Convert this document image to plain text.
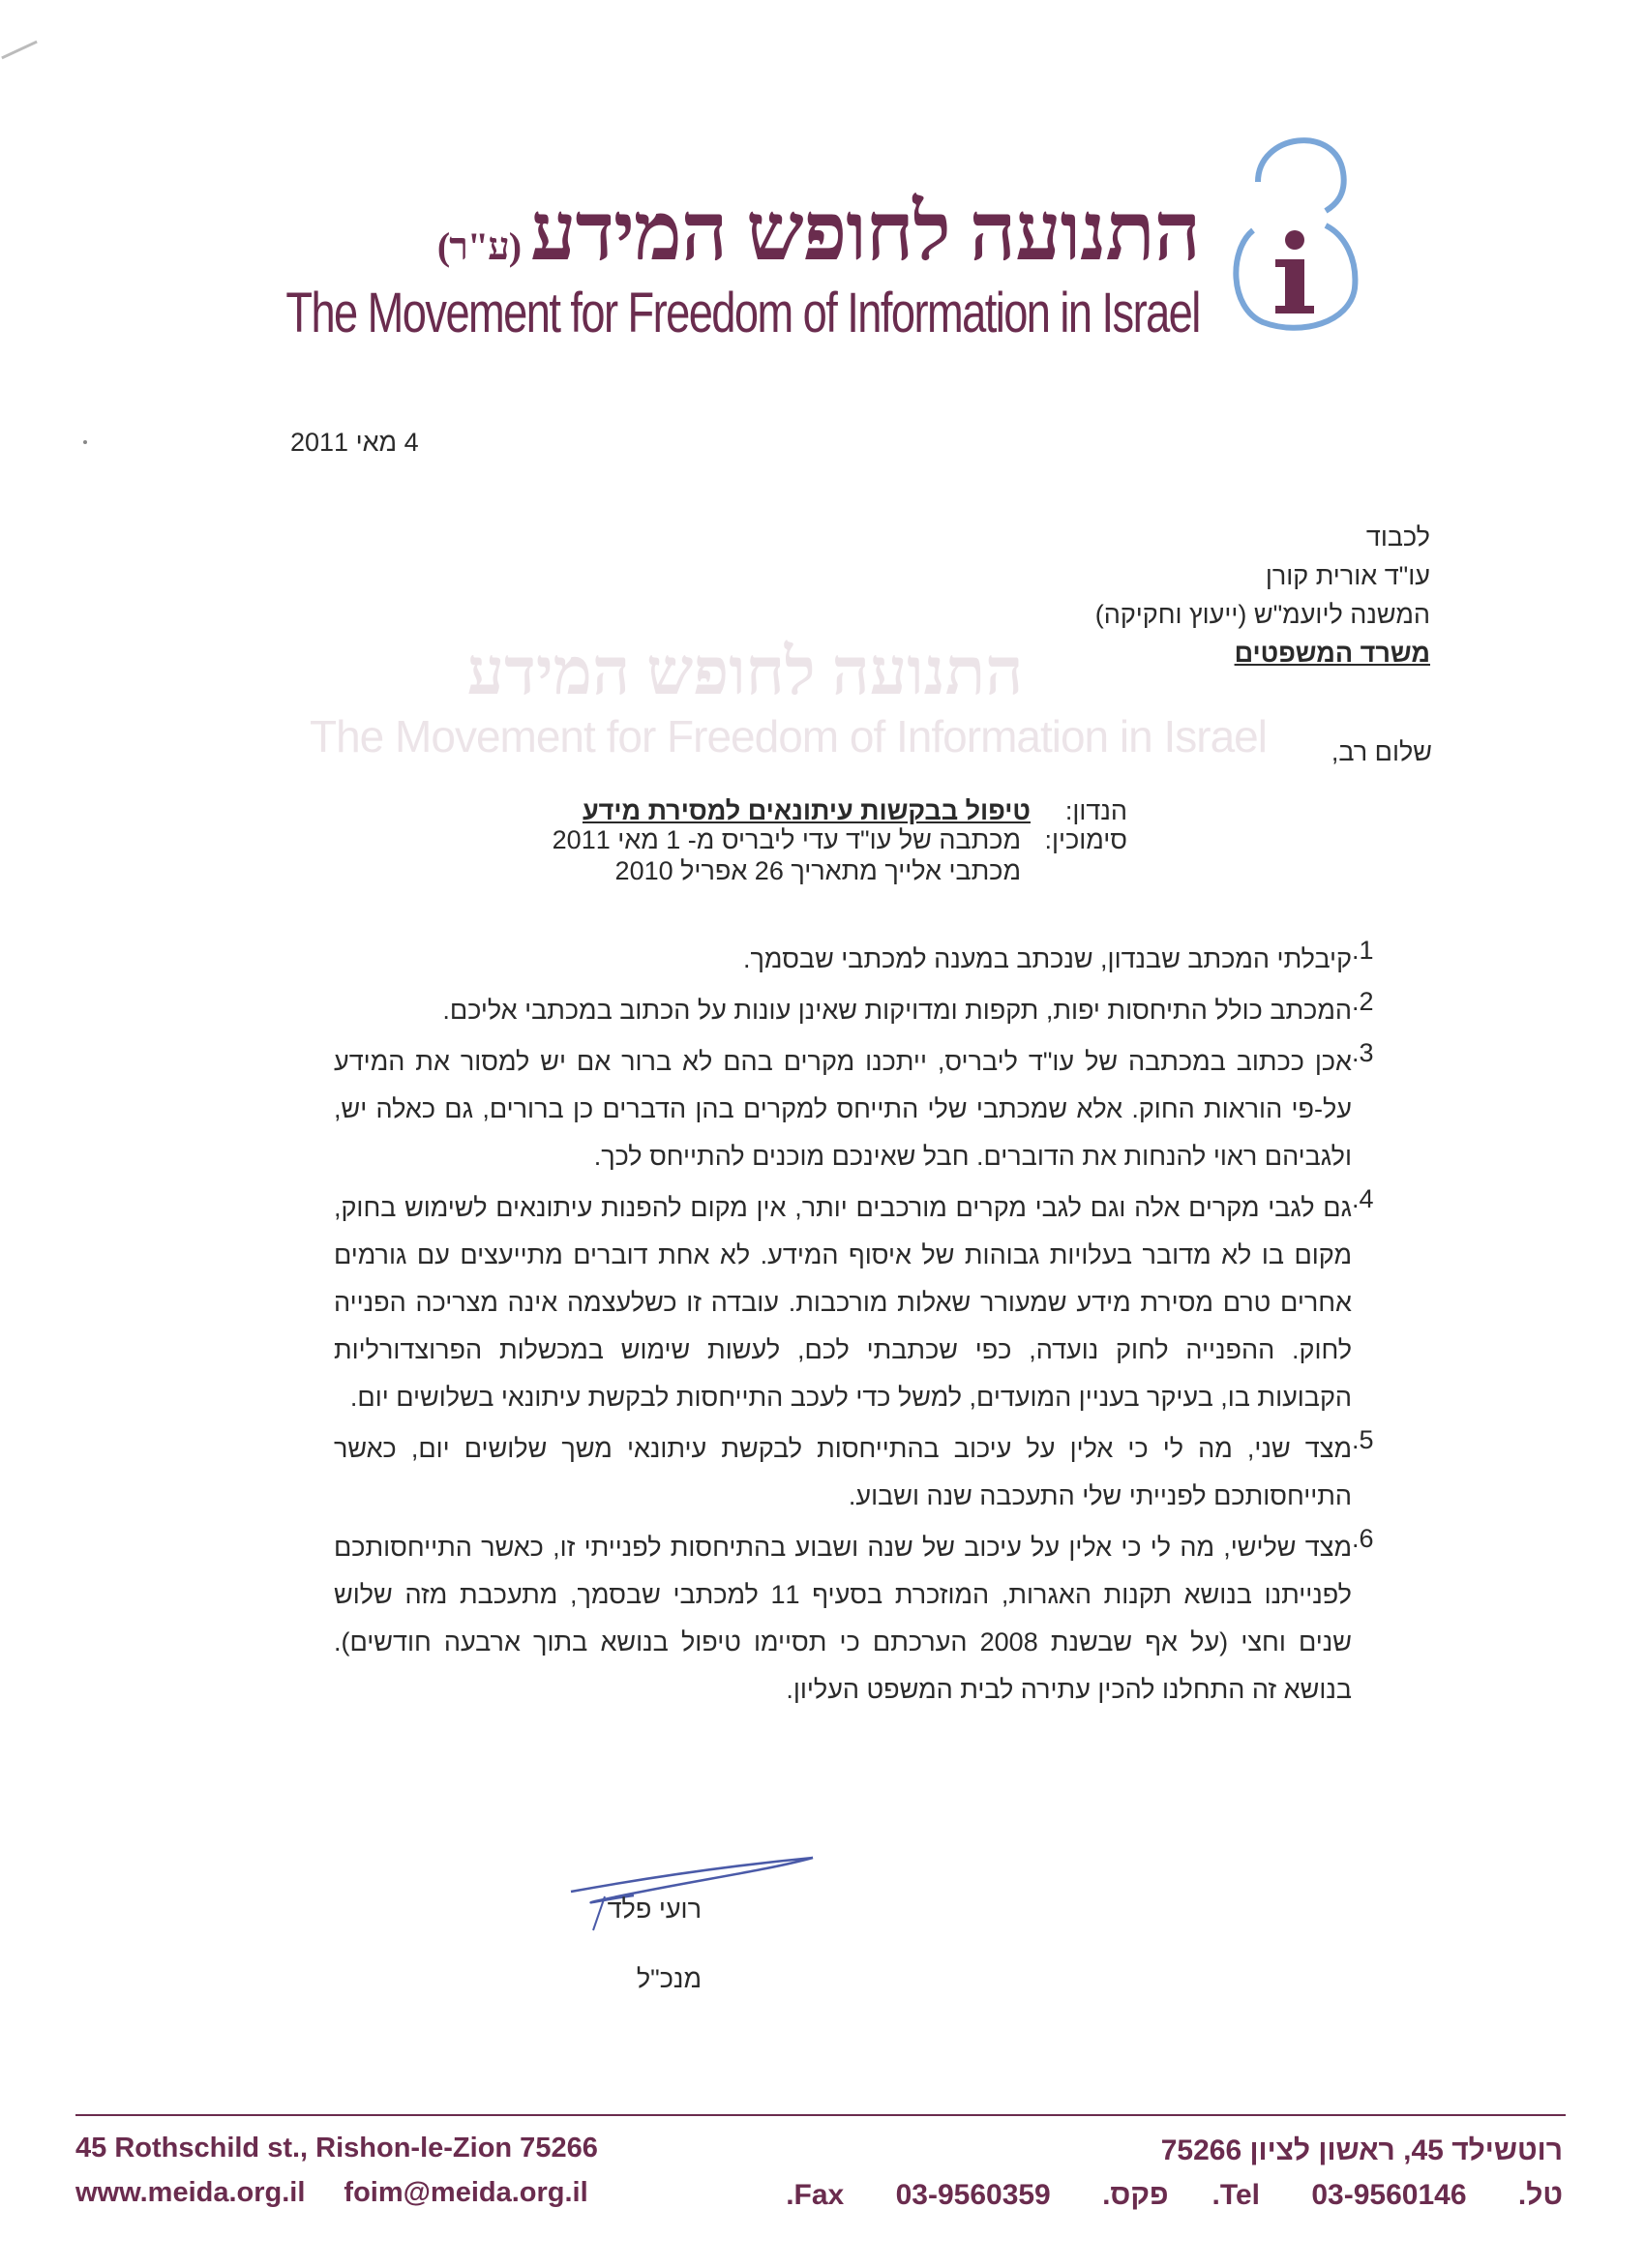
התנועה לחופש המידע(ע"ר)
The Movement for Freedom of Information in Israel
התנועה לחופש המידע
The Movement for Freedom of Information in Israel
4 מאי 2011
לכבוד
עו"ד אורית קורן
המשנה ליועמ"ש (ייעוץ וחקיקה)
משרד המשפטים
שלום רב,
הנדון:טיפול בבקשות עיתונאים למסירת מידע
סימוכין:
מכתבה של עו"ד עדי ליבריס מ- 1 מאי 2011
מכתבי אלייך מתאריך 26 אפריל 2010
.1
קיבלתי המכתב שבנדון, שנכתב במענה למכתבי שבסמך.
.2
המכתב כולל התיחסות יפות, תקפות ומדויקות שאינן עונות על הכתוב במכתבי אליכם.
.3
אכן ככתוב במכתבה של עו"ד ליבריס, ייתכנו מקרים בהם לא ברור אם יש למסור את המידע על-פי הוראות החוק. אלא שמכתבי שלי התייחס למקרים בהן הדברים כן ברורים, גם כאלה יש, ולגביהם ראוי להנחות את הדוברים. חבל שאינכם מוכנים להתייחס לכך.
.4
גם לגבי מקרים אלה וגם לגבי מקרים מורכבים יותר, אין מקום להפנות עיתונאים לשימוש בחוק, מקום בו לא מדובר בעלויות גבוהות של איסוף המידע. לא אחת דוברים מתייעצים עם גורמים אחרים טרם מסירת מידע שמעורר שאלות מורכבות. עובדה זו כשלעצמה אינה מצריכה הפנייה לחוק. ההפנייה לחוק נועדה, כפי שכתבתי לכם, לעשות שימוש במכשלות הפרוצדורליות הקבועות בו, בעיקר בעניין המועדים, למשל כדי לעכב התייחסות לבקשת עיתונאי בשלושים יום.
.5
מצד שני, מה לי כי אלין על עיכוב בהתייחסות לבקשת עיתונאי משך שלושים יום, כאשר התייחסותכם לפנייתי שלי התעכבה שנה ושבוע.
.6
מצד שלישי, מה לי כי אלין על עיכוב של שנה ושבוע בהתיחסות לפנייתי זו, כאשר התייחסותכם לפנייתנו בנושא תקנות האגרות, המוזכרת בסעיף 11 למכתבי שבסמך, מתעכבת מזה שלוש שנים וחצי (על אף שבשנת 2008 הערכתם כי תסיימו טיפול בנושא בתוך ארבעה חודשים). בנושא זה התחלנו להכין עתירה לבית המשפט העליון.
רועי פלד
מנכ"ל
45 Rothschild st., Rishon-le-Zion 75266
www.meida.org.il foim@meida.org.il
רוטשילד 45, ראשון לציון 75266
טל. 03-9560146 Tel.פקס. 03-9560359 Fax.
